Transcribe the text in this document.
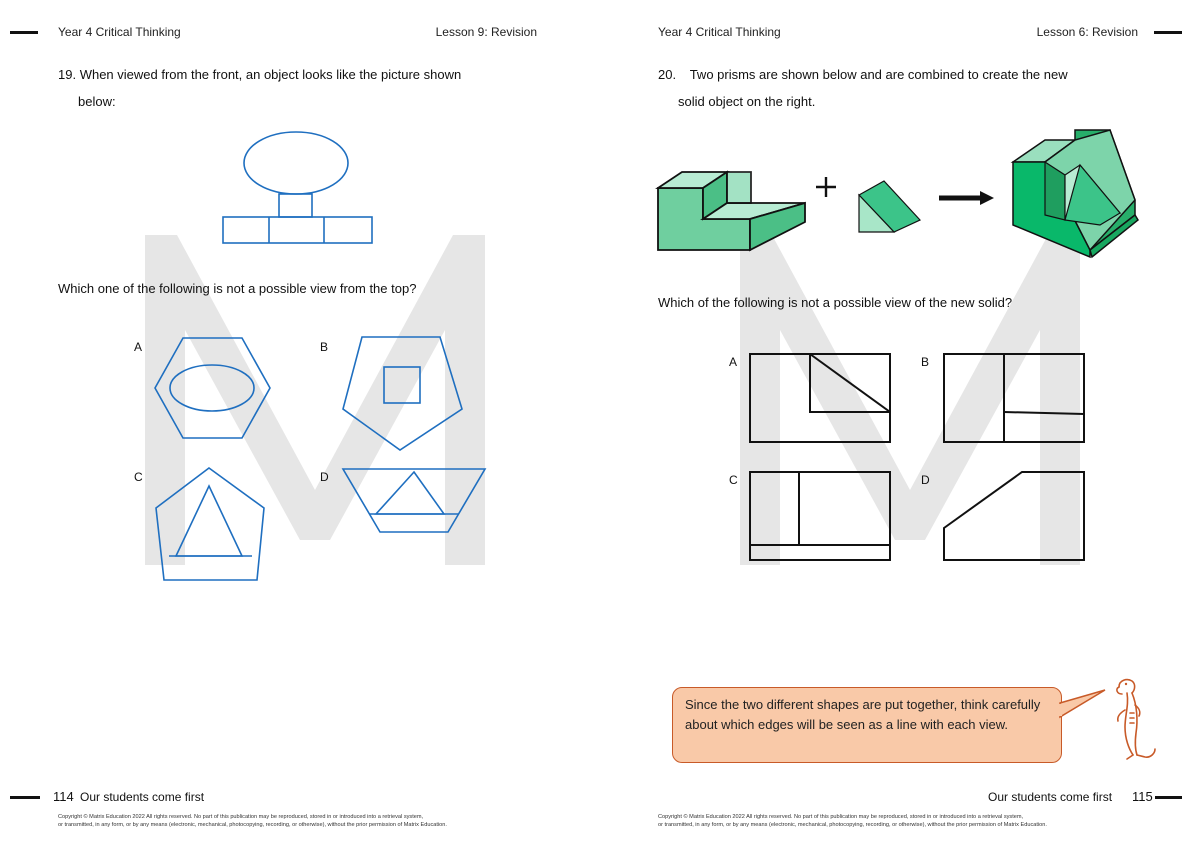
Year 4 Critical Thinking	Lesson 9: Revision
19. When viewed from the front, an object looks like the picture shown
below:
Which one of the following is not a possible view from the top?
A	B
C	D
114 Our students come first
Copyright © Matrix Education 2022 All rights reserved. No part of this publication may be reproduced, stored in or introduced into a retrieval system,
or transmitted, in any form, or by any means (electronic, mechanical, photocopying, recording, or otherwise), without the prior permission of Matrix Education.
Year 4 Critical Thinking	Lesson 6: Revision
20. Two prisms are shown below and are combined to create the new
solid object on the right.
Which of the following is not a possible view of the new solid?
A	B
C	D
Since the two different shapes are put together, think carefully about which edges will be seen as a line with each view.
Our students come first 115
Copyright © Matrix Education 2022 All rights reserved. No part of this publication may be reproduced, stored in or introduced into a retrieval system,
or transmitted, in any form, or by any means (electronic, mechanical, photocopying, recording, or otherwise), without the prior permission of Matrix Education.
